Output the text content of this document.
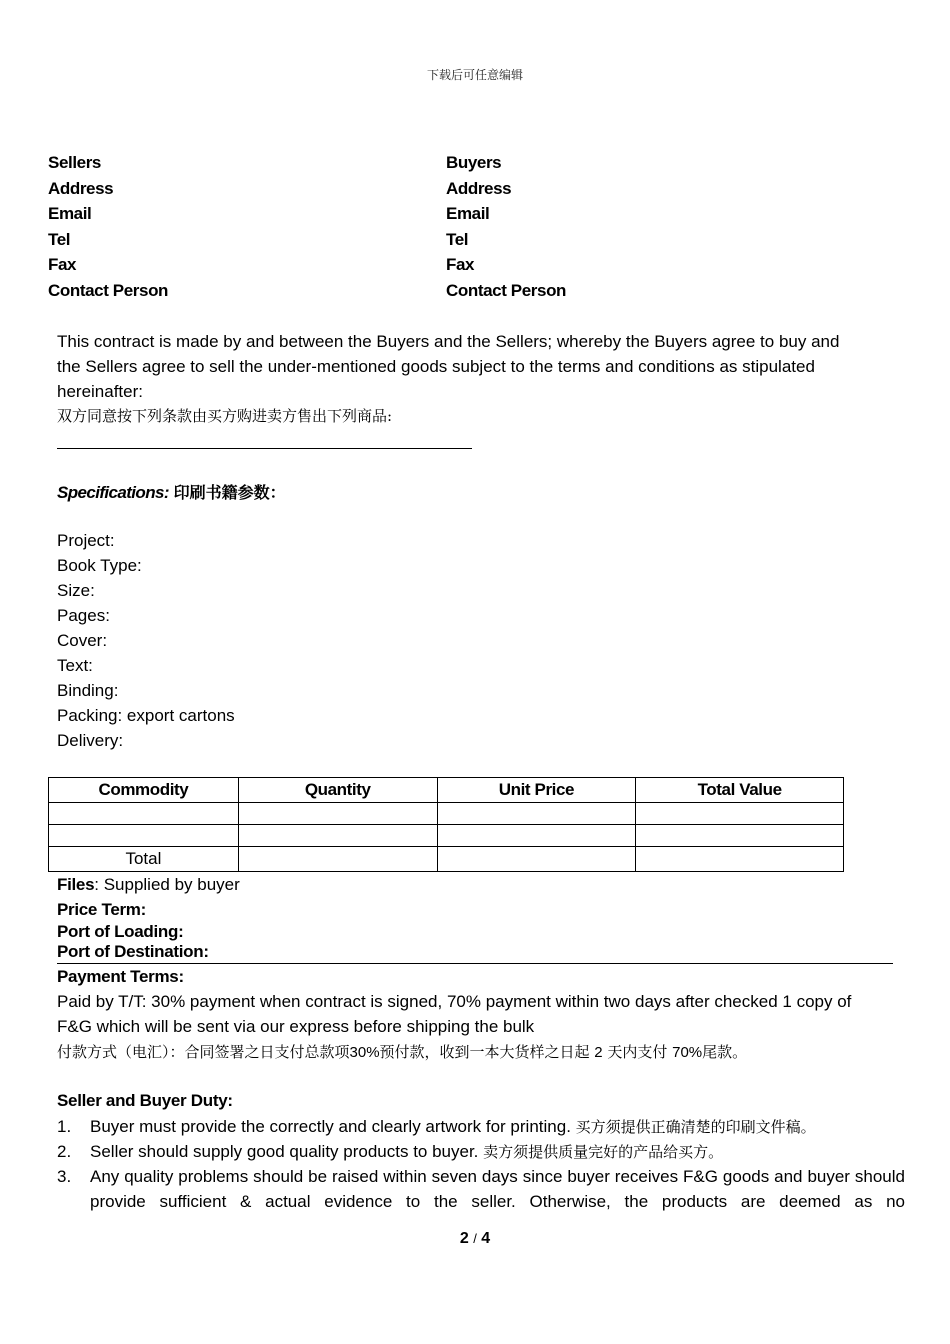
下载后可任意编辑
Sellers
Address
Email
Tel
Fax
Contact Person
Buyers
Address
Email
Tel
Fax
Contact Person
This contract is made by and between the Buyers and the Sellers; whereby the Buyers agree to buy and
the Sellers agree to sell the under-mentioned goods subject to the terms and conditions as stipulated
hereinafter:
双方同意按下列条款由买方购进卖方售出下列商品:
Specifications: 印刷书籍参数：
Project:
Book Type:
Size:
Pages:
Cover:
Text:
Binding:
Packing: export cartons
Delivery:
Commodity	Quantity	Unit Price	Total Value

Total			
Files: Supplied by buyer
Price Term:
Port of Loading:
Port of Destination:
Payment Terms:
Paid by T/T: 30% payment when contract is signed, 70% payment within two days after checked 1 copy of
F&G which will be sent via our express before shipping the bulk
付款方式（电汇）：合同签署之日支付总款项30%预付款，收到一本大货样之日起 2 天内支付 70%尾款。
Seller and Buyer Duty:
1. Buyer must provide the correctly and clearly artwork for printing. 买方须提供正确清楚的印刷文件稿。
2. Seller should supply good quality products to buyer. 卖方须提供质量完好的产品给买方。
3. Any quality problems should be raised within seven days since buyer receives F&G goods and buyer should provide sufficient & actual evidence to the seller. Otherwise, the products are deemed as no
2 / 4
